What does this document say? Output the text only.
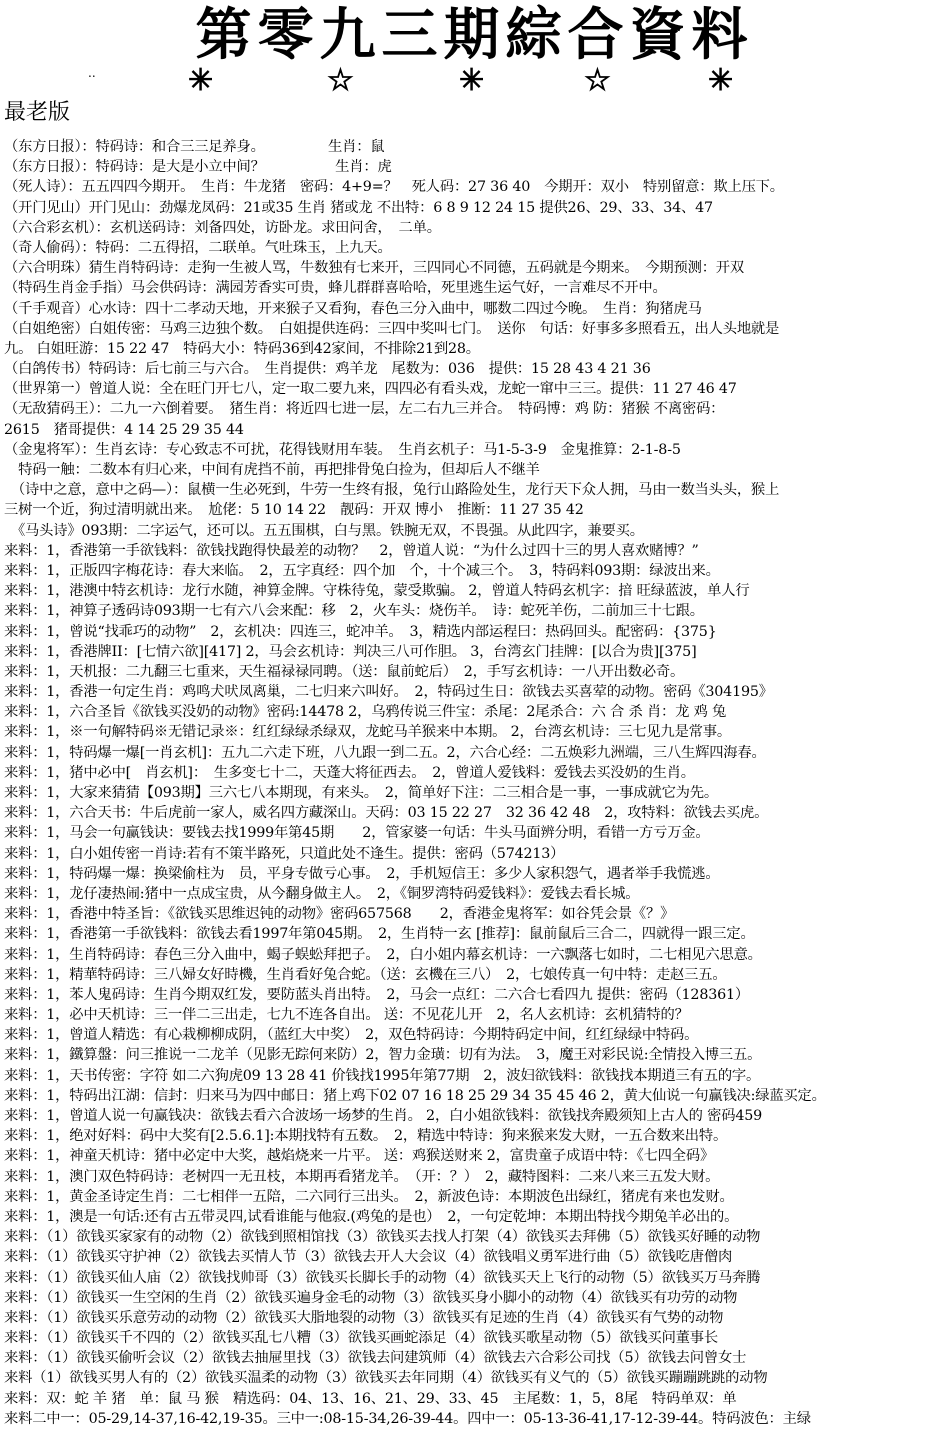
第零九三期綜合資料
..	✳	☆	✳	☆	✳
最老版
（东方日报）：特码诗：和合三三足养身。　　　　　生肖：鼠
（东方日报）：特码诗：是大是小立中间？　　　　　生肖：虎
（死人诗）：五五四四今期开。　生肖：牛龙猪　密码：4+9=？　死人码：27 36 40　今期开：双小　特别留意：欺上压下。
（开门见山）开门见山：劲爆龙凤码：21或35 生肖 猪或龙 不出特：6 8 9 12 24 15 提供26、29、33、34、47
（六合彩玄机）：玄机送码诗：刘备四处，访卧龙。求田问舍，　二单。
（奇人偷码）：特码：二五得招，二联单。气吐珠玉，上九天。
（六合明珠）猜生肖特码诗：走狗一生被人骂，牛数独有七来开，三四同心不同德，五码就是今期来。　今期预测：开双
（特码生肖金手指）马会供码诗：满园芳香实可贵，蜂儿群群喜哈哈，死里逃生运气好，一言难尽不开中。
（千手观音）心水诗：四十二孝动天地，开来猴子又看狗，春色三分入曲中，哪数二四过今晚。　生肖：狗猪虎马
（白姐绝密）白姐传密：马鸡三边独个数。　白姐提供连码：三四中奖叫七门。　送你　句话：好事多多照看五，出人头地就是
九。 白姐旺游：15 22 47　特码大小：特码36到42家间，不排除21到28。
（白鸽传书）特码诗：后七前三与六合。　生肖提供：鸡羊龙　尾数为：036　提供：15 28 43 4 21 36
（世界第一）曾道人说：全在旺门开七八，定一取二要九来，四四必有看头戏，龙蛇一窜中三三。提供：11 27 46 47
（无敌猜码王）：二九一六倒着要。　猪生肖：将近四七进一层，左二右九三并合。　特码博：鸡 防：猪猴 不离密码：
2615　猪哥提供：4 14 25 29 35 44
（金鬼将军）：生肖玄诗：专心致志不可扰，花得钱财用车装。　生肖玄机子：马1-5-3-9　金鬼推算：2-1-8-5
　特码一触：二数本有归心来，中间有虎挡不前，再把排骨兔白捡为，但却后人不继羊
　（诗中之意，意中之码—）：鼠横一生必死到，牛劳一生终有报，兔行山路险处生，龙行天下众人拥，马由一数当头头，猴上
三树一个近，狗过清明就出来。　尬佬：5 10 14 22　靓码：开双 博小　推断：11 27 35 42
　《马头诗》093期：二字运气，还可以。五五围棋，白与黑。铁腕无双，不畏强。从此四字，兼要买。
来料：1，香港第一手欲钱料：欲钱找跑得快最差的动物？　2，曾道人说：“为什么过四十三的男人喜欢赌博？”
来料：1，正版四字梅花诗：春大来临。　2，五字真经：四个加　个，十个减三个。　3，特码料093期：绿波出来。
来料：1，港澳中特玄机诗：龙行水随，神算金牌。守株待兔，蒙受欺骗。 2，曾道人特码玄机字：揞 旺绿蓝波，单人行
来料：1，神算子透码诗093期一七有六八会来配：移　2，火车头：烧伤羊。　诗：蛇死羊伤，二前加三十七跟。
来料：1，曾说“找乖巧的动物”　2，玄机决：四连三，蛇冲羊。　3，精选内部运程曰：热码回头。配密码：{375}
来料：1，香港牌II：[七情六欲][417] 2，马会玄机诗：判决三八可作胆。 3，台湾玄门挂牌：[以合为贵][375]
来料：1，天机报：二九翻三七重来，天生福禄禄同聘。（送：鼠前蛇后）　2，手写玄机诗：一八开出数必奇。
来料：1，香港一句定生肖：鸡鸣犬吠凤离巢，二七归来六叫好。　2，特码过生日：欲钱去买喜荤的动物。密码《304195》
来料：1，六合圣旨《欲钱买没奶的动物》密码:14478 2，乌鸦传说三件宝：杀尾：2尾杀合：六 合 杀 肖：龙 鸡 兔
来料：1，※一句解特码※无错记录※：红红绿绿杀绿双，龙蛇马羊猴来中本期。 2，台湾玄机诗：三七见九是常事。
来料：1，特码爆一爆[一肖玄机]：五九二六走下班，八九跟一到二五。2，六合心经：二五焕彩九洲端，三八生辉四海春。
来料：1，猪中必中[　肖玄机]：　生多变七十二，天蓬大将征西去。　2，曾道人爱钱料：爱钱去买没奶的生肖。
来料：1，大家来猜猜【093期】三六七八本期现，有来头。　2，简单好下注：二三相合是一事，一事成就它为先。
来料：1，六合天书：牛后虎前一家人，威名四方藏深山。天码：03 15 22 27　32 36 42 48　2，攻特料：欲钱去买虎。
来料：1，马会一句赢钱诀：要钱去找1999年第45期　　2，管家婆一句话：牛头马面辨分明，看错一方亏万金。
来料：1，白小姐传密一肖诗:若有不策半路死，只道此处不逢生。提供：密码（574213）
来料：1，特码爆一爆：换梁偷柱为　员，平身专做亏心事。　2，手机短信王：多少人家积怨气，遇者举手我慌逃。
来料：1，龙仔凄热闹:猪中一点成宝贵，从今翻身做主人。　2，《铜罗湾特码爱钱料》：爱钱去看长城。
来料：1，香港中特圣旨：《欲钱买思维迟钝的动物》密码657568　　2，香港金鬼将军：如谷凭会景《？》
来料：1，香港第一手欲钱料：欲钱去看1997年第045期。　2，生肖特一玄 [推荐]：鼠前鼠后三合二，四就得一跟三定。
来料：1，生肖特码诗：春色三分入曲中，蝎子蜈蚣拜把子。　2，白小姐内幕玄机诗：一六飘落七如时，二七相见六思意。
来料：1，精華特码诗：三八婦女好時機，生肖看好兔合蛇。（送：玄機在三八）　2，七娘传真一句中特：走赵三五。
来料：1，苯人鬼码诗：生肖今期双红发，要防蓝头肖出特。　2，马会一点红：二六合七看四九 提供：密码（128361）
来料：1，必中天机诗：三一伴二三出走，七九不连各自出。 送：不见花儿开　2，名人玄机诗：玄机猜特的？
来料：1，曾道人精选：有心栽柳柳成阴，（蓝红大中奖）　2，双色特码诗：今期特码定中间，红红绿绿中特码。
来料：1，鐵算盤：问三推说一二龙羊（见影无踪何来防）2，智力金璜：切有为法。　3，魔王对彩民说:全情投入博三五。
来料：1，天书传密：字符 如二六狗虎09 13 28 41 价钱找1995年第77期　2，波妇欲钱料：欲钱找本期逍三有五的字。
来料：1，特码出江湖：信封：归来马为四中邮日：猪上鸡下02 07 16 18 25 29 34 35 45 46 2，黄大仙说一句赢钱决:绿蓝买定。
来料：1，曾道人说一句赢钱决：欲钱去看六合波场一场梦的生肖。 2，白小姐欲钱料：欲钱找奔殿须知上古人的 密码459
来料：1，绝对好料：码中大奖有[2.5.6.1]:本期找特有五数。　2，精选中特诗：狗来猴来发大财，一五合数来出特。
来料：1，神童天机诗：猪中必定中大奖，越焰烧来一片平。 送：鸡猴送财来 2，富贵童子成语中特：《七四全码》
来料：1，澳门双色特码诗：老树四一无丑枝，本期再看猪龙羊。　（开：？）　2，藏特图料：二来八来三五发大财。
来料：1，黄金圣诗定生肖：二七相伴一五陪，二六同行三出头。　2，新波色诗：本期波色出绿红，猪虎有来也发财。
来料：1，澳是一句话:还有古五带灵四,试看谁能与他寂.(鸡兔的是也）　2，一句定乾坤：本期出特找今期兔羊必出的。
来料：（1）欲钱买家家有的动物（2）欲钱到照相馆找（3）欲钱买去找人打架（4）欲钱买去拜佛（5）欲钱买好睡的动物
来料：（1）欲钱买守护神（2）欲钱去买情人节（3）欲钱去开人大会议（4）欲钱唱义勇军进行曲（5）欲钱吃唐僧肉
来料：（1）欲钱买仙人庙（2）欲钱找帅哥（3）欲钱买长脚长手的动物（4）欲钱买天上飞行的动物（5）欲钱买万马奔腾
来料：（1）欲钱买一生空闲的生肖（2）欲钱买遍身金毛的动物（3）欲钱买身小脚小的动物（4）欲钱买有功劳的动物
来料：（1）欲钱买乐意劳动的动物（2）欲钱买大脂地裂的动物（3）欲钱买有足迹的生肖（4）欲钱买有气势的动物
来料：（1）欲钱买千不四的（2）欲钱买乱七八糟（3）欲钱买画蛇添足（4）欲钱买歌星动物（5）欲钱买问董事长
来料：（1）欲钱买偷听会议（2）欲钱去抽屉里找（3）欲钱去问建筑师（4）欲钱去六合彩公司找（5）欲钱去问曾女士
来料（1）欲钱买男人有的（2）欲钱买温柔的动物（3）欲钱买去年同期（4）欲钱买有义气的（5）欲钱买蹦蹦跳跳的动物
来料：双：蛇 羊 猪　单：鼠 马 猴　精选码：04、13、16、21、29、33、45　主尾数：1，5，8尾　特码单双：单
来料二中一：05-29,14-37,16-42,19-35。三中一:08-15-34,26-39-44。四中一：05-13-36-41,17-12-39-44。特码波色：主绿
